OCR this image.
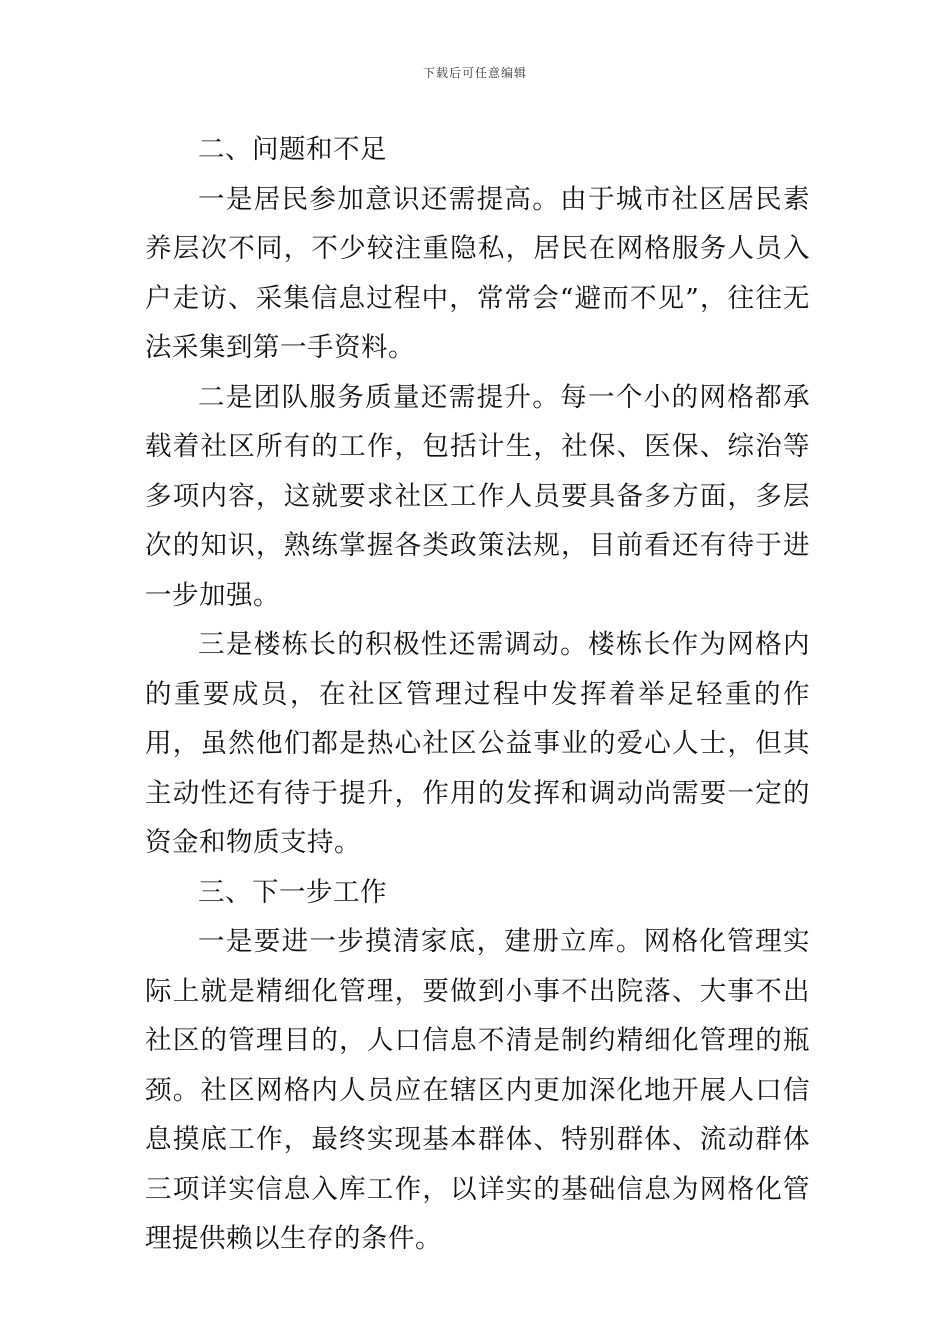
下载后可任意编辑

二、问题和不足

一是居民参加意识还需提高。由于城市社区居民素养层次不同，不少较注重隐私，居民在网格服务人员入户走访、采集信息过程中，常常会“避而不见”，往往无法采集到第一手资料。

二是团队服务质量还需提升。每一个小的网格都承载着社区所有的工作，包括计生，社保、医保、综治等多项内容，这就要求社区工作人员要具备多方面，多层次的知识，熟练掌握各类政策法规，目前看还有待于进一步加强。

三是楼栋长的积极性还需调动。楼栋长作为网格内的重要成员，在社区管理过程中发挥着举足轻重的作用，虽然他们都是热心社区公益事业的爱心人士，但其主动性还有待于提升，作用的发挥和调动尚需要一定的资金和物质支持。

三、下一步工作

一是要进一步摸清家底，建册立库。网格化管理实际上就是精细化管理，要做到小事不出院落、大事不出社区的管理目的，人口信息不清是制约精细化管理的瓶颈。社区网格内人员应在辖区内更加深化地开展人口信息摸底工作，最终实现基本群体、特别群体、流动群体三项详实信息入库工作，以详实的基础信息为网格化管理提供赖以生存的条件。
